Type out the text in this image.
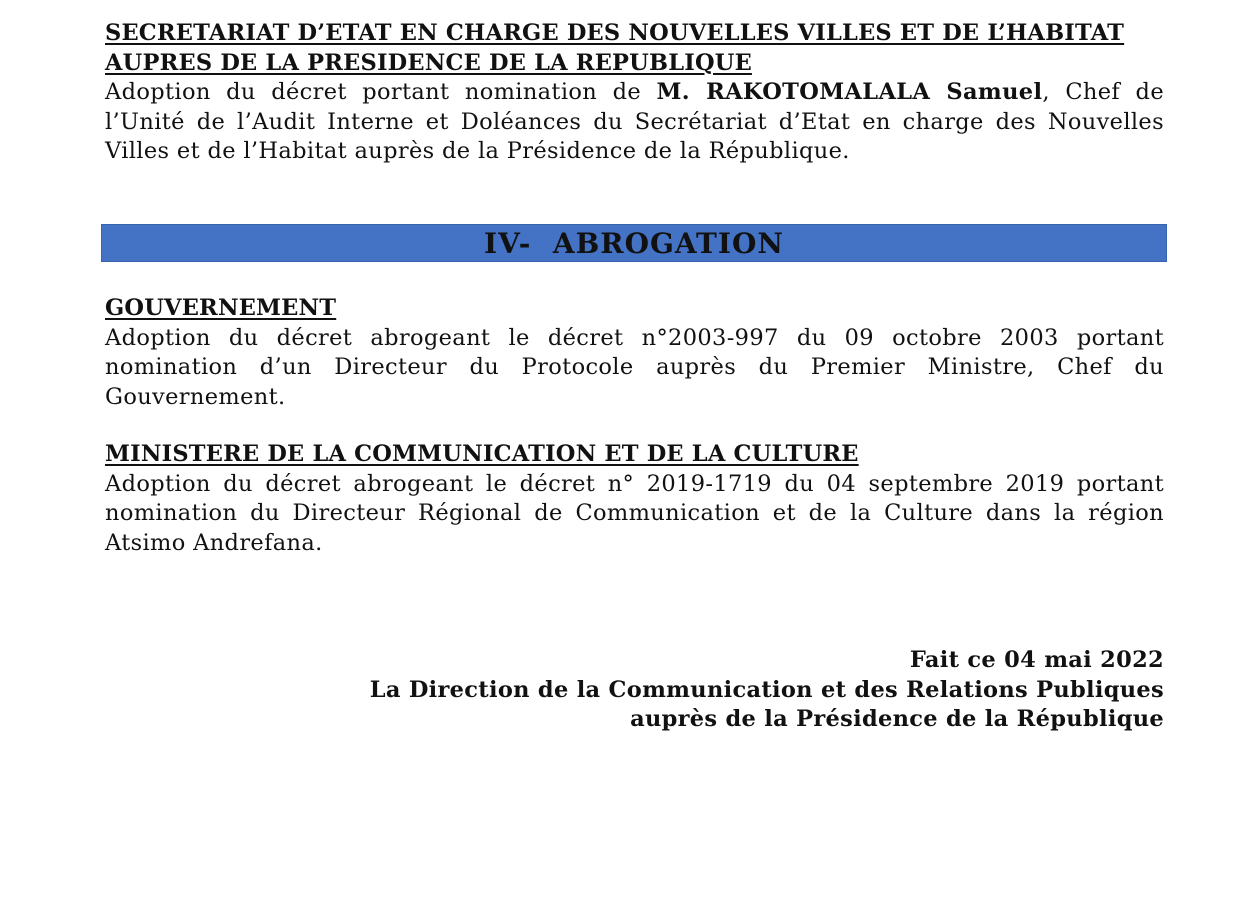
SECRETARIAT D’ETAT EN CHARGE DES NOUVELLES VILLES ET DE L’HABITAT

AUPRES DE LA PRESIDENCE DE LA REPUBLIQUE

Adoption du décret portant nomination de M. RAKOTOMALALA Samuel, Chef de l’Unité de l’Audit Interne et Doléances du Secrétariat d’Etat en charge des Nouvelles Villes et de l’Habitat auprès de la Présidence de la République.

IV-  ABROGATION

GOUVERNEMENT

Adoption du décret abrogeant le décret n°2003-997 du 09 octobre 2003 portant nomination d’un Directeur du Protocole auprès du Premier Ministre, Chef du Gouvernement.

MINISTERE DE LA COMMUNICATION ET DE LA CULTURE

Adoption du décret abrogeant le décret n° 2019-1719 du 04 septembre 2019 portant nomination du Directeur Régional de Communication et de la Culture dans la région Atsimo Andrefana.

Fait ce 04 mai 2022
La Direction de la Communication et des Relations Publiques
auprès de la Présidence de la République
